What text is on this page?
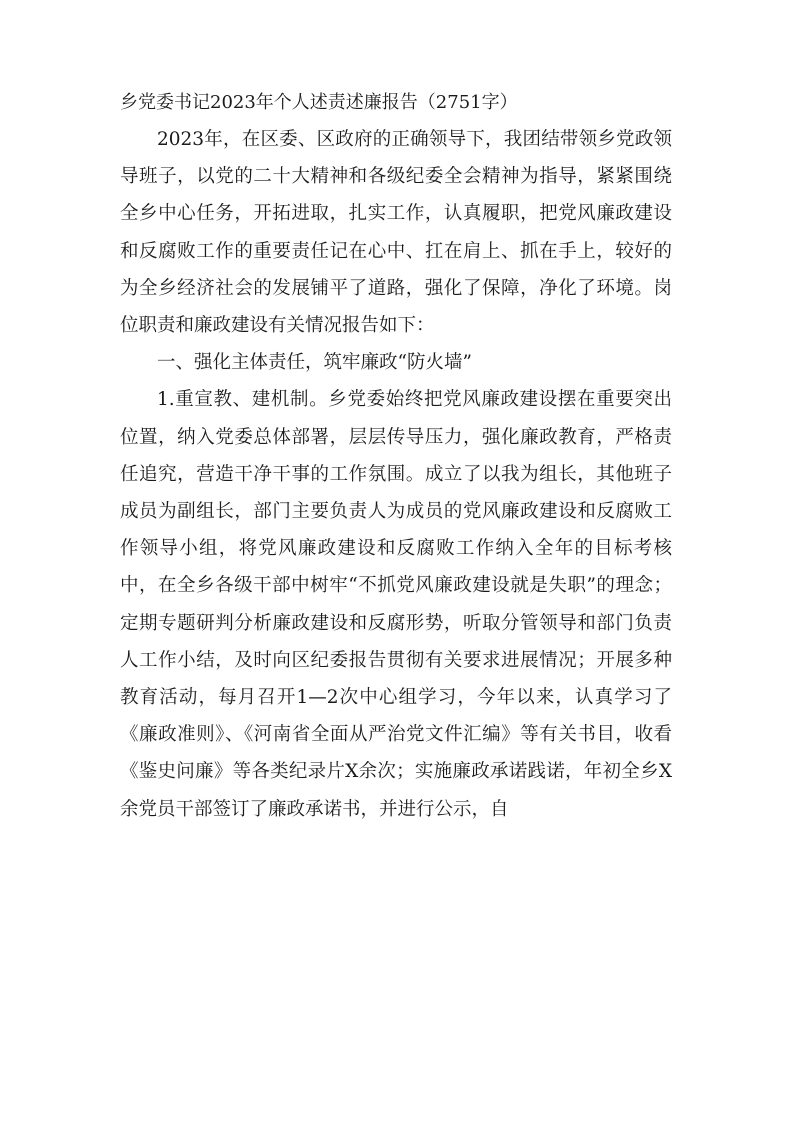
乡党委书记2023年个人述责述廉报告（2751字）

2023年，在区委、区政府的正确领导下，我团结带领乡党政领导班子，以党的二十大精神和各级纪委全会精神为指导，紧紧围绕全乡中心任务，开拓进取，扎实工作，认真履职，把党风廉政建设和反腐败工作的重要责任记在心中、扛在肩上、抓在手上，较好的为全乡经济社会的发展铺平了道路，强化了保障，净化了环境。岗位职责和廉政建设有关情况报告如下：

一、强化主体责任，筑牢廉政“防火墙”

1.重宣教、建机制。乡党委始终把党风廉政建设摆在重要突出位置，纳入党委总体部署，层层传导压力，强化廉政教育，严格责任追究，营造干净干事的工作氛围。成立了以我为组长，其他班子成员为副组长，部门主要负责人为成员的党风廉政建设和反腐败工作领导小组，将党风廉政建设和反腐败工作纳入全年的目标考核中，在全乡各级干部中树牢“不抓党风廉政建设就是失职”的理念；定期专题研判分析廉政建设和反腐形势，听取分管领导和部门负责人工作小结，及时向区纪委报告贯彻有关要求进展情况；开展多种教育活动，每月召开1—2次中心组学习，今年以来，认真学习了《廉政准则》、《河南省全面从严治党文件汇编》等有关书目，收看《鉴史问廉》等各类纪录片X余次；实施廉政承诺践诺，年初全乡X余党员干部签订了廉政承诺书，并进行公示，自
